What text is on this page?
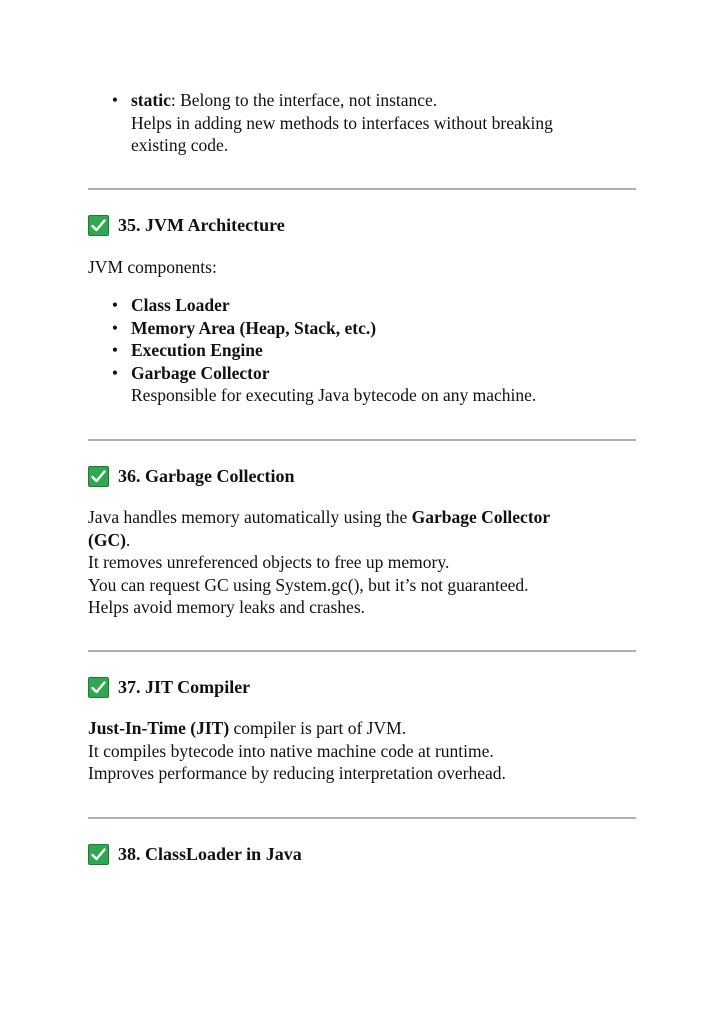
• static: Belong to the interface, not instance.
Helps in adding new methods to interfaces without breaking
existing code.
35. JVM Architecture
JVM components:
• Class Loader
• Memory Area (Heap, Stack, etc.)
• Execution Engine
• Garbage Collector
Responsible for executing Java bytecode on any machine.
36. Garbage Collection
Java handles memory automatically using the Garbage Collector
(GC).
It removes unreferenced objects to free up memory.
You can request GC using System.gc(), but it’s not guaranteed.
Helps avoid memory leaks and crashes.
37. JIT Compiler
Just-In-Time (JIT) compiler is part of JVM.
It compiles bytecode into native machine code at runtime.
Improves performance by reducing interpretation overhead.
38. ClassLoader in Java
